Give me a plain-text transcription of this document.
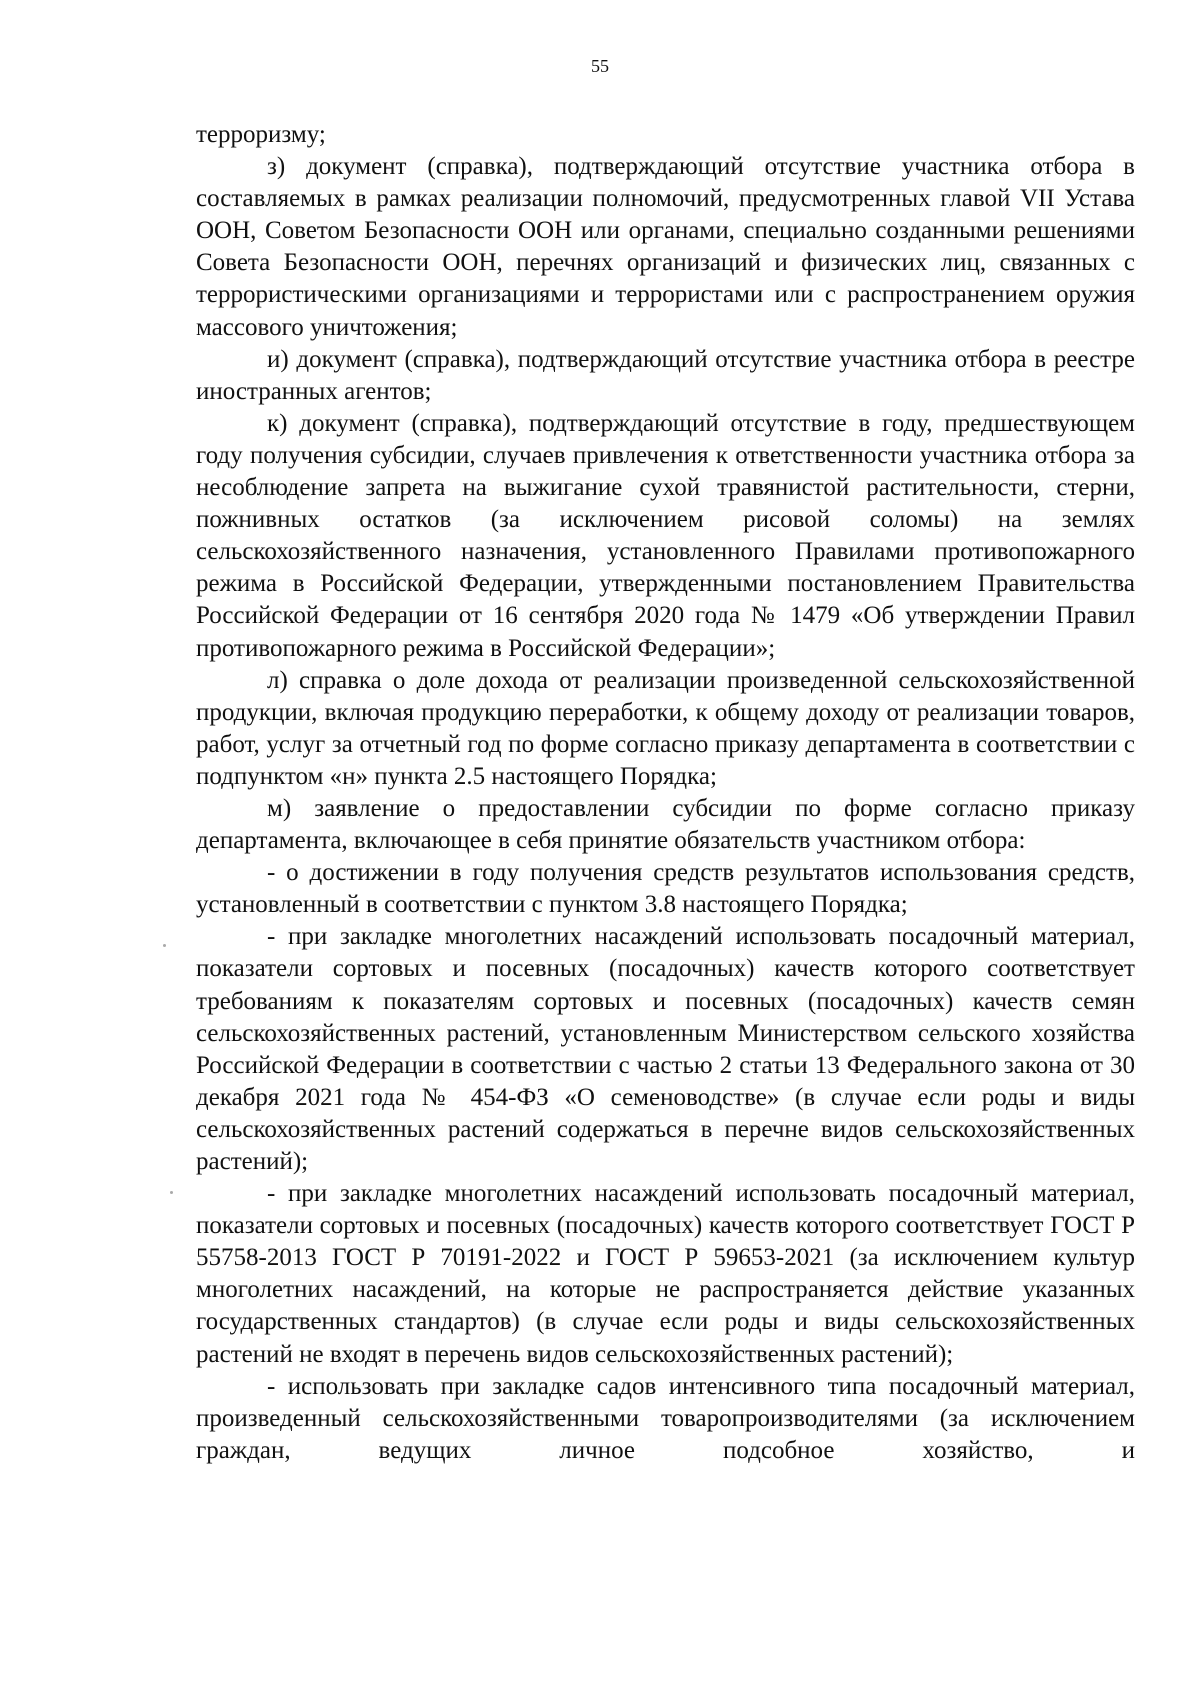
55

терроризму;

з) документ (справка), подтверждающий отсутствие участника отбора в составляемых в рамках реализации полномочий, предусмотренных главой VII Устава ООН, Советом Безопасности ООН или органами, специально созданными решениями Совета Безопасности ООН, перечнях организаций и физических лиц, связанных с террористическими организациями и террористами или с распространением оружия массового уничтожения;

и) документ (справка), подтверждающий отсутствие участника отбора в реестре иностранных агентов;

к) документ (справка), подтверждающий отсутствие в году, предшествующем году получения субсидии, случаев привлечения к ответственности участника отбора за несоблюдение запрета на выжигание сухой травянистой растительности, стерни, пожнивных остатков (за исключением рисовой соломы) на землях сельскохозяйственного назначения, установленного Правилами противопожарного режима в Российской Федерации, утвержденными постановлением Правительства Российской Федерации от 16 сентября 2020 года № 1479 «Об утверждении Правил противопожарного режима в Российской Федерации»;

л) справка о доле дохода от реализации произведенной сельскохозяйственной продукции, включая продукцию переработки, к общему доходу от реализации товаров, работ, услуг за отчетный год по форме согласно приказу департамента в соответствии с подпунктом «н» пункта 2.5 настоящего Порядка;

м) заявление о предоставлении субсидии по форме согласно приказу департамента, включающее в себя принятие обязательств участником отбора:

- о достижении в году получения средств результатов использования средств, установленный в соответствии с пунктом 3.8 настоящего Порядка;

- при закладке многолетних насаждений использовать посадочный материал, показатели сортовых и посевных (посадочных) качеств которого соответствует требованиям к показателям сортовых и посевных (посадочных) качеств семян сельскохозяйственных растений, установленным Министерством сельского хозяйства Российской Федерации в соответствии с частью 2 статьи 13 Федерального закона от 30 декабря 2021 года № 454-ФЗ «О семеноводстве» (в случае если роды и виды сельскохозяйственных растений содержаться в перечне видов сельскохозяйственных растений);

- при закладке многолетних насаждений использовать посадочный материал, показатели сортовых и посевных (посадочных) качеств которого соответствует ГОСТ Р 55758-2013 ГОСТ Р 70191-2022 и ГОСТ Р 59653-2021 (за исключением культур многолетних насаждений, на которые не распространяется действие указанных государственных стандартов) (в случае если роды и виды сельскохозяйственных растений не входят в перечень видов сельскохозяйственных растений);

- использовать при закладке садов интенсивного типа посадочный материал, произведенный сельскохозяйственными товаропроизводителями (за исключением граждан, ведущих личное подсобное хозяйство, и
